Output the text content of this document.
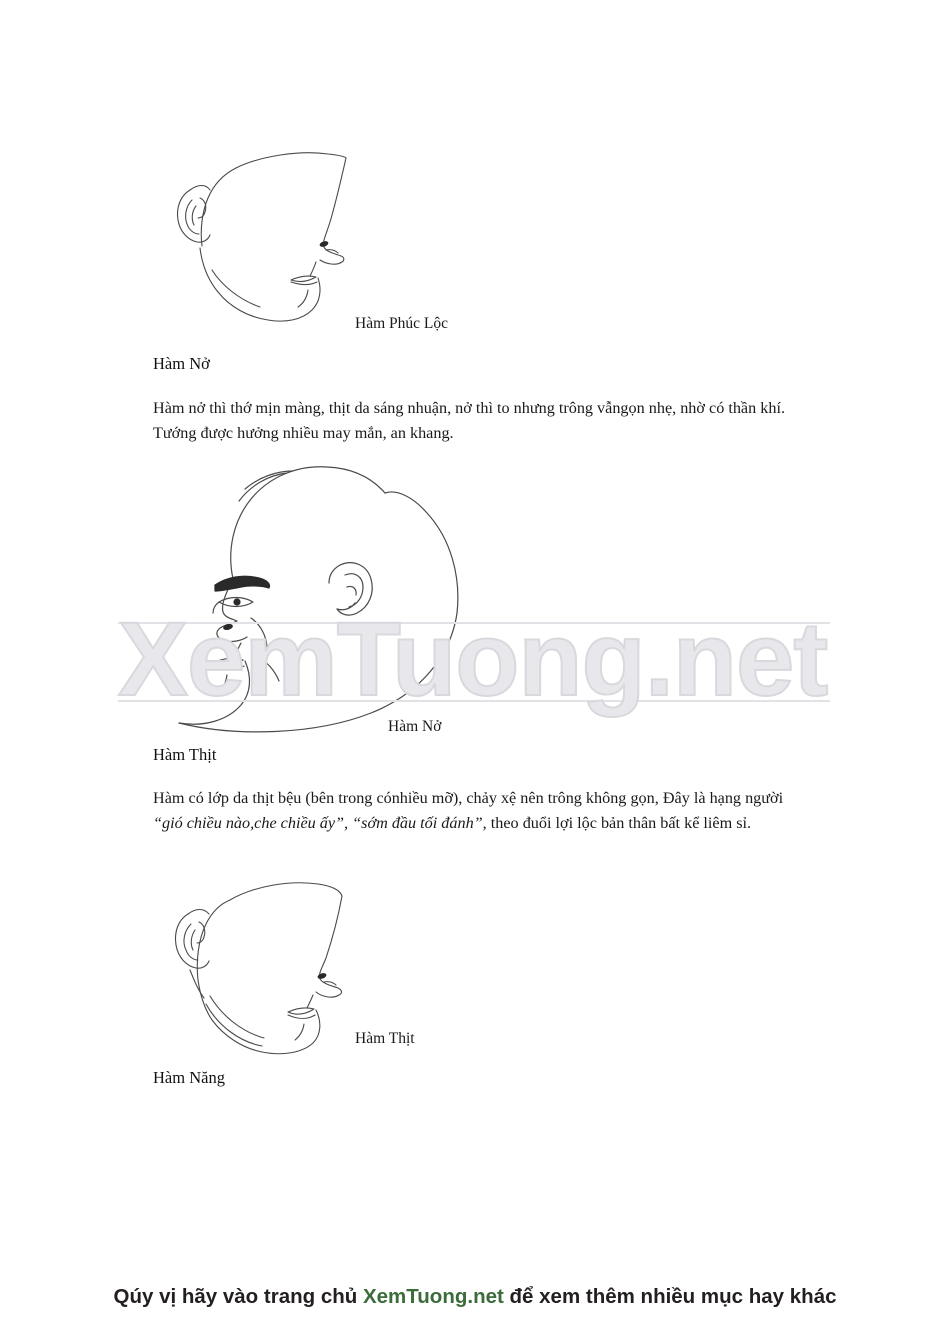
Hàm Phúc Lộc
Hàm Nở
Hàm nở thì thớ mịn màng, thịt da sáng nhuận, nở thì to nhưng trông vẫngọn nhẹ, nhờ có thần khí. Tướng được hưởng nhiều may mắn, an khang.
Hàm Nở
XemTuong.net
Hàm Thịt
Hàm có lớp da thịt bệu (bên trong cónhiều mỡ), chảy xệ nên trông không gọn, Đây là hạng người “gió chiều nào,che chiều ấy”, “sớm đầu tối đánh”, theo đuổi lợi lộc bản thân bất kể liêm sỉ.
Hàm Thịt
Hàm Năng
Qúy vị hãy vào trang chủ XemTuong.net để xem thêm nhiều mục hay khác
